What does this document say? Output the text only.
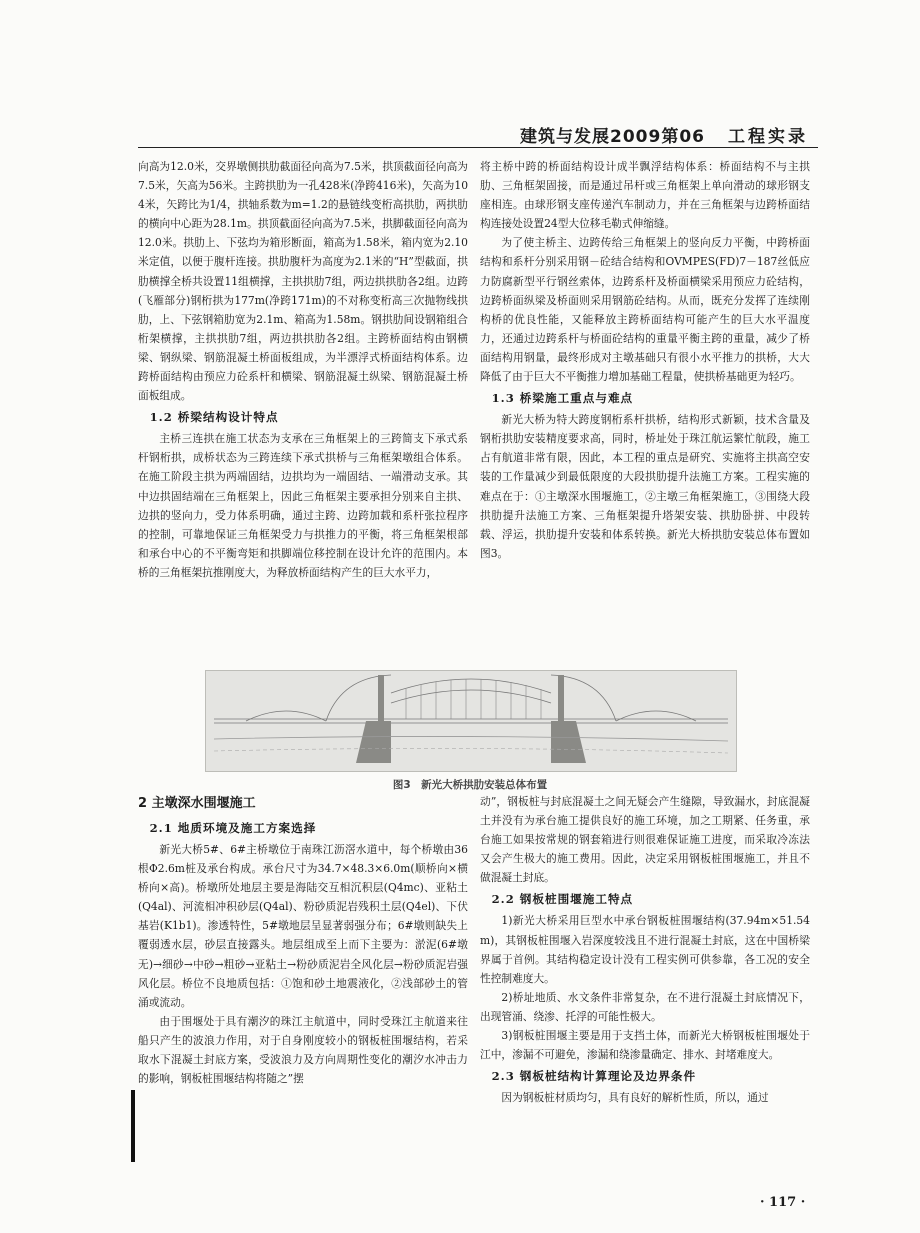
建筑与发展2009第06 工程实录

向高为12.0米，交界墩侧拱肋截面径向高为7.5米，拱顶截面径向高为7.5米，矢高为56米。主跨拱肋为一孔428米(净跨416米)，矢高为104米，矢跨比为1/4，拱轴系数为m=1.2的悬链线变桁高拱肋，两拱肋的横向中心距为28.1m。拱顶截面径向高为7.5米，拱脚截面径向高为12.0米。拱肋上、下弦均为箱形断面，箱高为1.58米，箱内宽为2.10米定值，以便于腹杆连接。拱肋腹杆为高度为2.1米的“H”型截面，拱肋横撑全桥共设置11组横撑，主拱拱肋7组，两边拱拱肋各2组。边跨(飞雁部分)钢桁拱为177m(净跨171m)的不对称变桁高三次抛物线拱肋，上、下弦钢箱肋宽为2.1m、箱高为1.58m。钢拱肋间设钢箱组合桁架横撑，主拱拱肋7组，两边拱拱肋各2组。主跨桥面结构由钢横梁、钢纵梁、钢筋混凝土桥面板组成，为半漂浮式桥面结构体系。边跨桥面结构由预应力砼系杆和横梁、钢筋混凝土纵梁、钢筋混凝土桥面板组成。

1.2 桥梁结构设计特点

主桥三连拱在施工状态为支承在三角框架上的三跨简支下承式系杆钢桁拱，成桥状态为三跨连续下承式拱桥与三角框架墩组合体系。在施工阶段主拱为两端固结，边拱均为一端固结、一端滑动支承。其中边拱固结端在三角框架上，因此三角框架主要承担分别来自主拱、边拱的竖向力，受力体系明确，通过主跨、边跨加载和系杆张拉程序的控制，可靠地保证三角框架受力与拱推力的平衡，将三角框架根部和承台中心的不平衡弯矩和拱脚端位移控制在设计允许的范围内。本桥的三角框架抗推刚度大，为释放桥面结构产生的巨大水平力，

将主桥中跨的桥面结构设计成半飘浮结构体系：桥面结构不与主拱肋、三角框架固接，而是通过吊杆或三角框架上单向滑动的球形钢支座相连。由球形钢支座传递汽车制动力，并在三角框架与边跨桥面结构连接处设置24型大位移毛勒式伸缩缝。

为了使主桥主、边跨传给三角框架上的竖向反力平衡，中跨桥面结构和系杆分别采用钢－砼结合结构和OVMPES(FD)7－187丝低应力防腐新型平行钢丝索体，边跨系杆及桥面横梁采用预应力砼结构，边跨桥面纵梁及桥面则采用钢筋砼结构。从而，既充分发挥了连续刚构桥的优良性能，又能释放主跨桥面结构可能产生的巨大水平温度力，还通过边跨系杆与桥面砼结构的重量平衡主跨的重量，减少了桥面结构用钢量，最终形成对主墩基础只有很小水平推力的拱桥，大大降低了由于巨大不平衡推力增加基础工程量，使拱桥基础更为轻巧。

1.3 桥梁施工重点与难点

新光大桥为特大跨度钢桁系杆拱桥，结构形式新颖，技术含量及钢桁拱肋安装精度要求高，同时，桥址处于珠江航运繁忙航段，施工占有航道非常有限，因此，本工程的重点是研究、实施将主拱高空安装的工作量减少到最低限度的大段拱肋提升法施工方案。工程实施的难点在于：①主墩深水围堰施工，②主墩三角框架施工，③围绕大段拱肋提升法施工方案、三角框架提升塔架安装、拱肋卧拼、中段转载、浮运，拱肋提升安装和体系转换。新光大桥拱肋安装总体布置如图3。

图3　新光大桥拱肋安装总体布置
2 主墩深水围堰施工
2.1 地质环境及施工方案选择

新光大桥5#、6#主桥墩位于南珠江沥滘水道中，每个桥墩由36根Φ2.6m桩及承台构成。承台尺寸为34.7×48.3×6.0m(顺桥向×横桥向×高)。桥墩所处地层主要是海陆交互相沉积层(Q4mc)、亚粘土(Q4al)、河流相冲积砂层(Q4al)、粉砂质泥岩残积土层(Q4el)、下伏基岩(K1b1)。渗透特性，5#墩地层呈显著弱强分布；6#墩则缺失上覆弱透水层，砂层直接露头。地层组成至上而下主要为：淤泥(6#墩无)→细砂→中砂→粗砂→亚粘土→粉砂质泥岩全风化层→粉砂质泥岩强风化层。桥位不良地质包括：①饱和砂土地震液化，②浅部砂土的管涌或流动。

由于围堰处于具有潮汐的珠江主航道中，同时受珠江主航道来往船只产生的波浪力作用，对于自身刚度较小的钢板桩围堰结构，若采取水下混凝土封底方案，受波浪力及方向周期性变化的潮汐水冲击力的影响，钢板桩围堰结构将随之”摆

动”，钢板桩与封底混凝土之间无疑会产生缝隙，导致漏水，封底混凝土并没有为承台施工提供良好的施工环境，加之工期紧、任务重，承台施工如果按常规的钢套箱进行则很难保证施工进度，而采取冷冻法又会产生极大的施工费用。因此，决定采用钢板桩围堰施工，并且不做混凝土封底。

2.2 钢板桩围堰施工特点

1)新光大桥采用巨型水中承台钢板桩围堰结构(37.94m×51.54m)，其钢板桩围堰入岩深度较浅且不进行混凝土封底，这在中国桥梁界属于首例。其结构稳定设计没有工程实例可供参靠，各工况的安全性控制难度大。

2)桥址地质、水文条件非常复杂，在不进行混凝土封底情况下，出现管涌、绕渗、托浮的可能性极大。

3)钢板桩围堰主要是用于支挡土体，而新光大桥钢板桩围堰处于江中，渗漏不可避免，渗漏和绕渗量确定、排水、封堵难度大。

2.3 钢板桩结构计算理论及边界条件

因为钢板桩材质均匀，具有良好的解析性质，所以，通过

· 117 ·
